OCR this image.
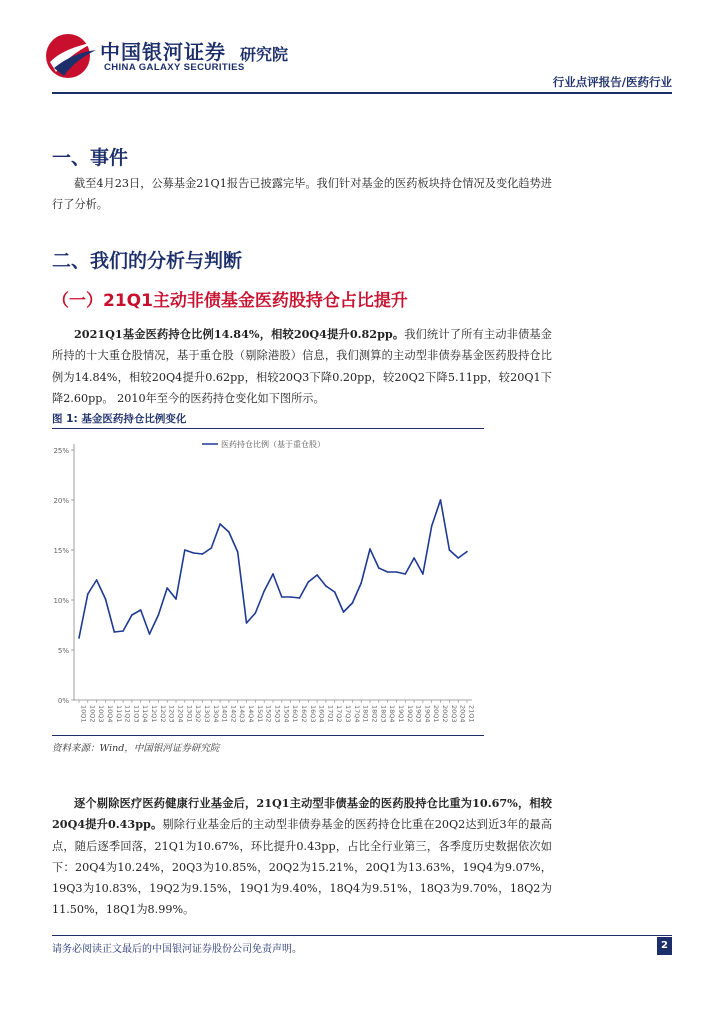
中国银河证券
CHINA GALAXY SECURITIES
研究院
行业点评报告/医药行业
一、事件

截至4月23日，公募基金21Q1报告已披露完毕。我们针对基金的医药板块持仓情况及变化趋势进行了分析。

二、我们的分析与判断
（一）21Q1主动非债基金医药股持仓占比提升

2021Q1基金医药持仓比例14.84%，相较20Q4提升0.82pp。我们统计了所有主动非债基金所持的十大重仓股情况，基于重仓股（剔除港股）信息，我们测算的主动型非债券基金医药股持仓比例为14.84%，相较20Q4提升0.62pp，相较20Q3下降0.20pp，较20Q2下降5.11pp，较20Q1下降2.60pp。 2010年至今的医药持仓变化如下图所示。

图 1: 基金医药持仓比例变化
0%
5%
10%
15%
20%
25%
10Q1 10Q2 10Q3 10Q4 11Q1 11Q2 11Q3 11Q4 12Q1 12Q2 12Q3 12Q4 13Q1 13Q2 13Q3 13Q4 14Q1 14Q2 14Q3 14Q4 15Q1 15Q2 15Q3 15Q4 16Q1 16Q2 16Q3 16Q4 17Q1 17Q2 17Q3 17Q4 18Q1 18Q2 18Q3 18Q4 19Q1 19Q2 19Q3 19Q4 20Q1 20Q2 20Q3 20Q4 21Q1
医药持仓比例（基于重仓股）
资料来源：Wind，中国银河证券研究院

逐个剔除医疗医药健康行业基金后，21Q1主动型非债基金的医药股持仓比重为10.67%，相较20Q4提升0.43pp。剔除行业基金后的主动型非债券基金的医药持仓比重在20Q2达到近3年的最高点，随后逐季回落，21Q1为10.67%，环比提升0.43pp，占比全行业第三，各季度历史数据依次如下：20Q4为10.24%，20Q3为10.85%，20Q2为15.21%，20Q1为13.63%，19Q4为9.07%，19Q3为10.83%，19Q2为9.15%，19Q1为9.40%，18Q4为9.51%，18Q3为9.70%，18Q2为11.50%，18Q1为8.99%。

请务必阅读正文最后的中国银河证券股份公司免责声明。	2
